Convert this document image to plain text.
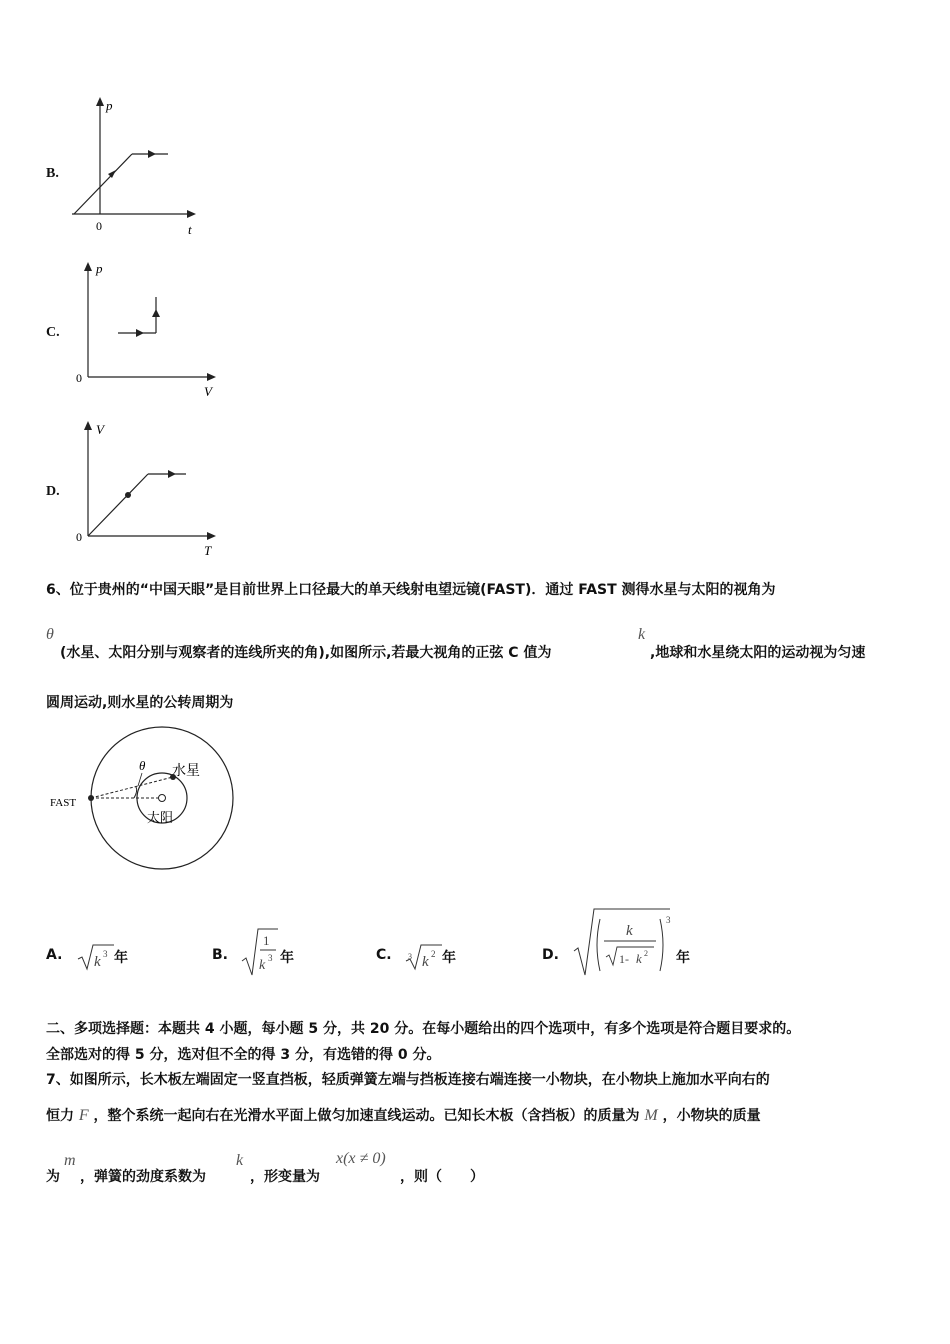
B.
p
t
0
C.
p
V
0
D.
V
T
0
6、位于贵州的“中国天眼”是目前世界上口径最大的单天线射电望远镜(FAST)．通过 FAST 测得水星与太阳的视角为
θ
(水星、太阳分别与观察者的连线所夹的角),如图所示,若最大视角的正弦 C 值为
k
,地球和水星绕太阳的运动视为匀速
圆周运动,则水星的公转周期为
FAST
θ 水星
太阳
A. k 3 年	B.
1
k 3 年	C. 3 k 2 年	D.
3
k
1- k 2 年
二、多项选择题：本题共 4 小题，每小题 5 分，共 20 分。在每小题给出的四个选项中，有多个选项是符合题目要求的。
全部选对的得 5 分，选对但不全的得 3 分，有选错的得 0 分。
7、如图所示，长木板左端固定一竖直挡板，轻质弹簧左端与挡板连接右端连接一小物块，在小物块上施加水平向右的
恒力 F ，整个系统一起向右在光滑水平面上做匀加速直线运动。已知长木板（含挡板）的质量为 M ，小物块的质量
为
m
，弹簧的劲度系数为
k
，形变量为
x(x ≠ 0)
，则（　　）
